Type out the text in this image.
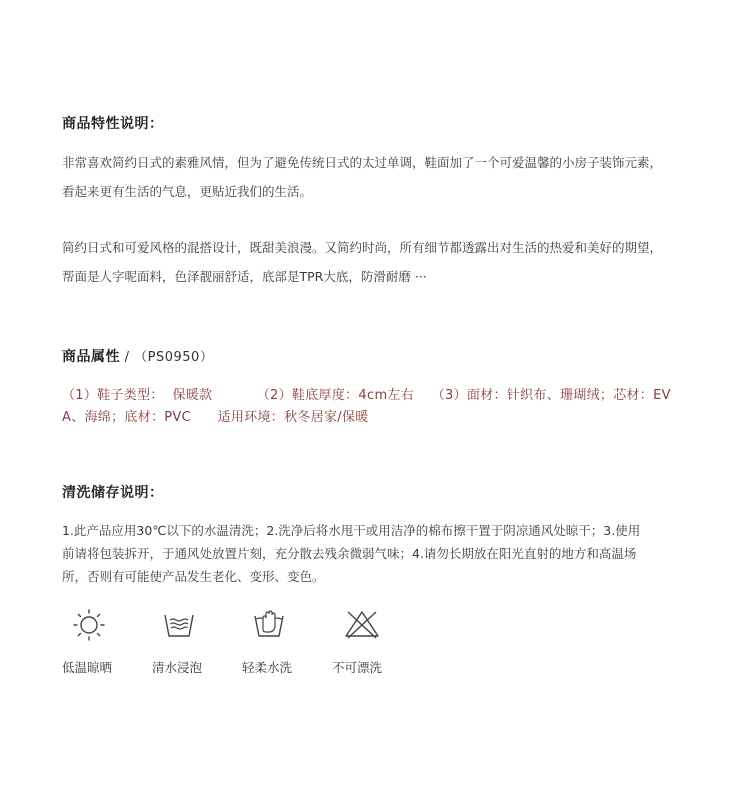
商品特性说明：
非常喜欢简约日式的素雅风情，但为了避免传统日式的太过单调，鞋面加了一个可爱温馨的小房子装饰元素，
看起来更有生活的气息，更贴近我们的生活。
简约日式和可爱风格的混搭设计，既甜美浪漫。又简约时尚，所有细节都透露出对生活的热爱和美好的期望，
帮面是人字呢面料，色泽靓丽舒适，底部是TPR大底，防滑耐磨 ···
商品属性 / （PS0950）
（1）鞋子类型：  保暖款          （2）鞋底厚度：4cm左右    （3）面材：针织布、珊瑚绒；芯材：EV
A、海绵；底材：PVC      适用环境：秋冬居家/保暖
清洗储存说明：
1.此产品应用30℃以下的水温清洗；2.洗净后将水甩干或用洁净的棉布擦干置于阴凉通风处晾干；3.使用
前请将包装拆开，于通风处放置片刻，充分散去残余微弱气味；4.请勿长期放在阳光直射的地方和高温场
所，否则有可能使产品发生老化、变形、变色。
低温晾晒	清水浸泡	轻柔水洗	不可漂洗
